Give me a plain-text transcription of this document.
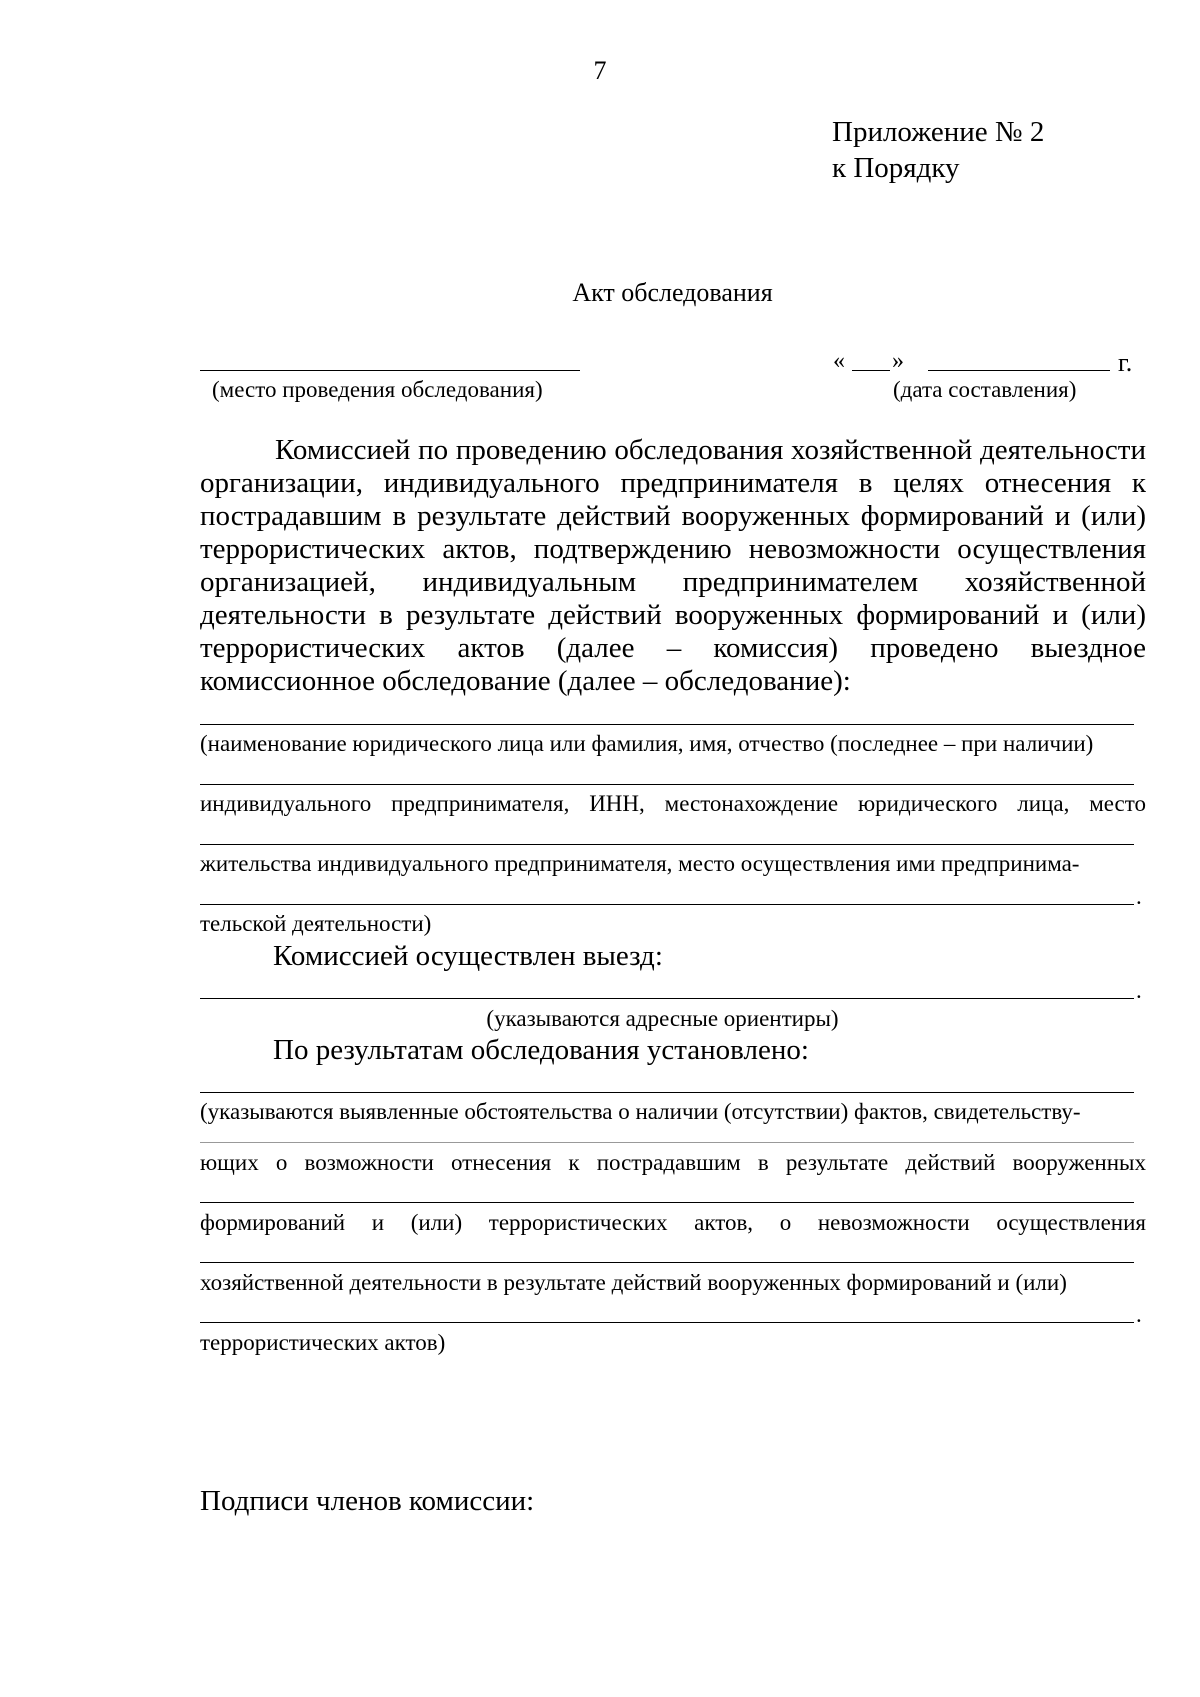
7
Приложение № 2
к Порядку
Акт обследования
(место проведения обследования)
« »	г.
(дата составления)

Комиссией по проведению обследования хозяйственной деятельности организации, индивидуального предпринимателя в целях отнесения к пострадавшим в результате действий вооруженных формирований и (или) террористических актов, подтверждению невозможности осуществления организацией, индивидуальным предпринимателем хозяйственной деятельности в результате действий вооруженных формирований и (или) террористических актов (далее – комиссия) проведено выездное комиссионное обследование (далее – обследование):

(наименование юридического лица или фамилия, имя, отчество (последнее – при наличии)
индивидуального предпринимателя, ИНН, местонахождение юридического лица, место
жительства индивидуального предпринимателя, место осуществления ими предпринима-
.
тельской деятельности)
Комиссией осуществлен выезд:
.
(указываются адресные ориентиры)
По результатам обследования установлено:
(указываются выявленные обстоятельства о наличии (отсутствии) фактов, свидетельству-
ющих о возможности отнесения к пострадавшим в результате действий вооруженных
формирований и (или) террористических актов, о невозможности осуществления
хозяйственной деятельности в результате действий вооруженных формирований и (или)
.
террористических актов)
Подписи членов комиссии:
